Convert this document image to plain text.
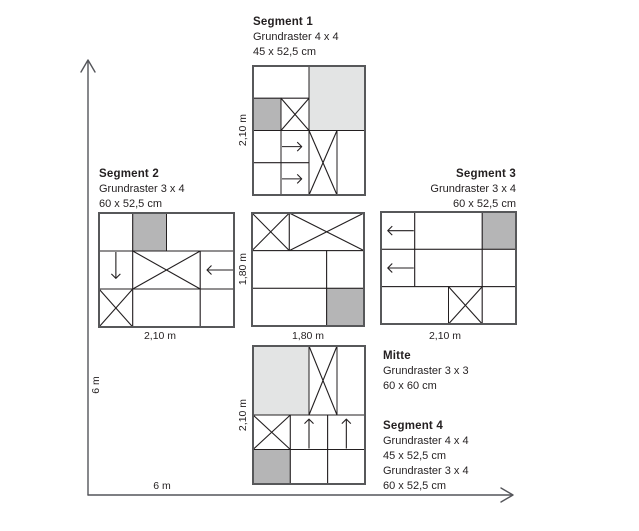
Segment 1
Grundraster 4 x 4
45 x 52,5 cm
Segment 2
Grundraster 3 x 4
60 x 52,5 cm
Segment 3
Grundraster 3 x 4
60 x 52,5 cm
Mitte
Grundraster 3 x 3
60 x 60 cm
Segment 4
Grundraster 4 x 4
45 x 52,5 cm
Grundraster 3 x 4
60 x 52,5 cm
2,10 m
1,80 m
2,10 m
6 m
2,10 m	1,80 m	2,10 m
6 m
